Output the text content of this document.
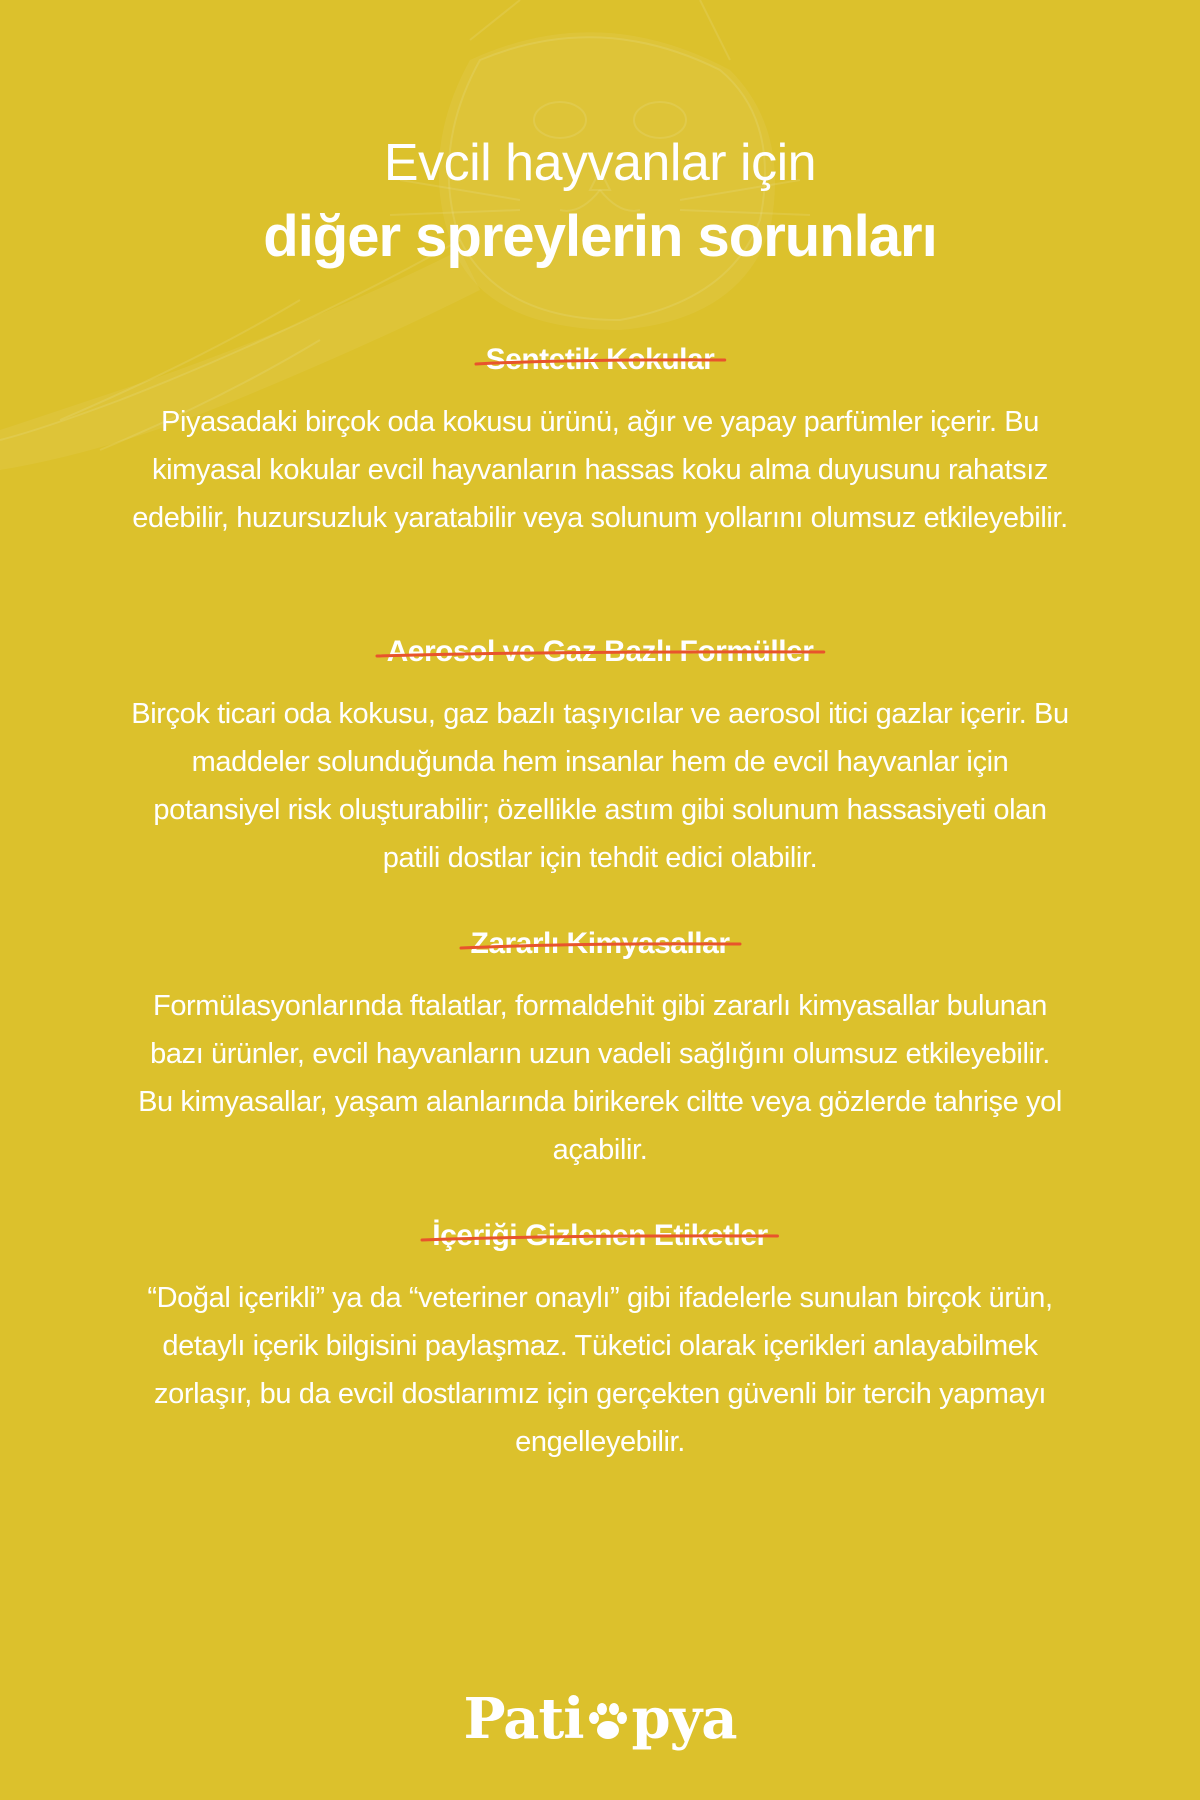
Evcil hayvanlar için
diğer spreylerin sorunları
Sentetik Kokular
Piyasadaki birçok oda kokusu ürünü, ağır ve yapay parfümler içerir. Bu kimyasal kokular evcil hayvanların hassas koku alma duyusunu rahatsız edebilir, huzursuzluk yaratabilir veya solunum yollarını olumsuz etkileyebilir.
Aerosol ve Gaz Bazlı Formüller
Birçok ticari oda kokusu, gaz bazlı taşıyıcılar ve aerosol itici gazlar içerir. Bu maddeler solunduğunda hem insanlar hem de evcil hayvanlar için potansiyel risk oluşturabilir; özellikle astım gibi solunum hassasiyeti olan patili dostlar için tehdit edici olabilir.
Zararlı Kimyasallar
Formülasyonlarında ftalatlar, formaldehit gibi zararlı kimyasallar bulunan bazı ürünler, evcil hayvanların uzun vadeli sağlığını olumsuz etkileyebilir. Bu kimyasallar, yaşam alanlarında birikerek ciltte veya gözlerde tahrişe yol açabilir.
İçeriği Gizlenen Etiketler
“Doğal içerikli” ya da “veteriner onaylı” gibi ifadelerle sunulan birçok ürün, detaylı içerik bilgisini paylaşmaz. Tüketici olarak içerikleri anlayabilmek zorlaşır, bu da evcil dostlarımız için gerçekten güvenli bir tercih yapmayı engelleyebilir.
Pati pya
